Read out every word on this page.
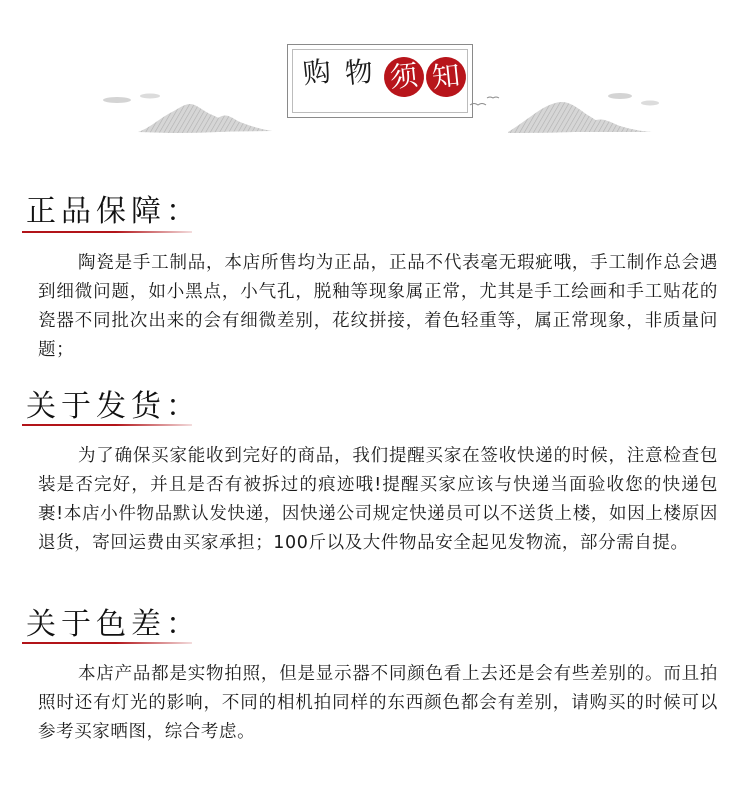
购 物 须 知
正品保障：

陶瓷是手工制品，本店所售均为正品，正品不代表毫无瑕疵哦，手工制作总会遇到细微问题，如小黑点，小气孔，脱釉等现象属正常，尤其是手工绘画和手工贴花的瓷器不同批次出来的会有细微差别，花纹拼接，着色轻重等，属正常现象，非质量问题；

关于发货：

为了确保买家能收到完好的商品，我们提醒买家在签收快递的时候，注意检查包装是否完好，并且是否有被拆过的痕迹哦!提醒买家应该与快递当面验收您的快递包裹!本店小件物品默认发快递，因快递公司规定快递员可以不送货上楼，如因上楼原因退货，寄回运费由买家承担；100斤以及大件物品安全起见发物流，部分需自提。

关于色差：

本店产品都是实物拍照，但是显示器不同颜色看上去还是会有些差别的。而且拍照时还有灯光的影响，不同的相机拍同样的东西颜色都会有差别，请购买的时候可以参考买家晒图，综合考虑。
